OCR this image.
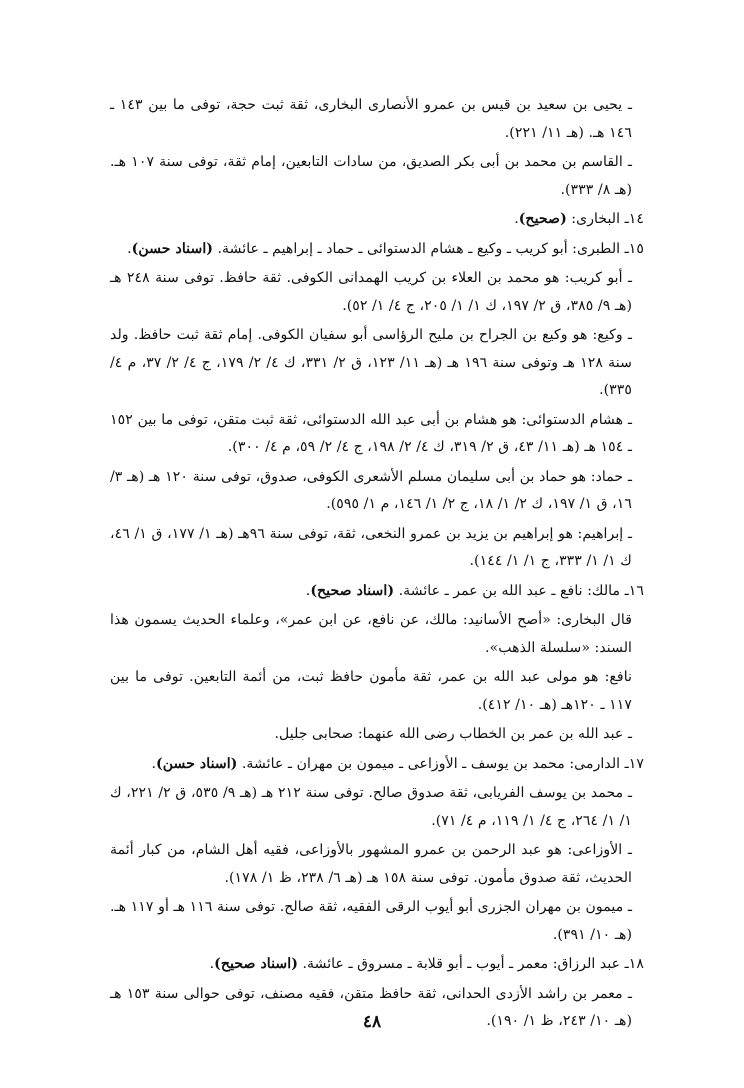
ـ يحيى بن سعيد بن قيس بن عمرو الأنصارى البخارى، ثقة ثبت حجة، توفى ما بين ١٤٣ ـ ١٤٦ هـ. (هـ ١١/ ٢٢١).

ـ القاسم بن محمد بن أبى بكر الصديق، من سادات التابعين، إمام ثقة، توفى سنة ١٠٧ هـ. (هـ ٨/ ٣٣٣).

١٤ـ البخارى: (صحيح).

١٥ـ الطبرى: أبو كريب ـ وكيع ـ هشام الدستوائى ـ حماد ـ إبراهيم ـ عائشة. (اسناد حسن).

ـ أبو كريب: هو محمد بن العلاء بن كريب الهمدانى الكوفى. ثقة حافظ. توفى سنة ٢٤٨ هـ (هـ ٩/ ٣٨٥، ق ٢/ ١٩٧، ك ١/ ١/ ٢٠٥، ج ٤/ ١/ ٥٢).

ـ وكيع: هو وكيع بن الجراح بن مليح الرؤاسى أبو سفيان الكوفى. إمام ثقة ثبت حافظ. ولد سنة ١٢٨ هـ وتوفى سنة ١٩٦ هـ (هـ ١١/ ١٢٣، ق ٢/ ٣٣١، ك ٤/ ٢/ ١٧٩، ج ٤/ ٢/ ٣٧، م ٤/ ٣٣٥).

ـ هشام الدستوائى: هو هشام بن أبى عبد الله الدستوائى، ثقة ثبت متقن، توفى ما بين ١٥٢ ـ ١٥٤ هـ (هـ ١١/ ٤٣، ق ٢/ ٣١٩، ك ٤/ ٢/ ١٩٨، ج ٤/ ٢/ ٥٩، م ٤/ ٣٠٠).

ـ حماد: هو حماد بن أبى سليمان مسلم الأشعرى الكوفى، صدوق، توفى سنة ١٢٠ هـ (هـ ٣/ ١٦، ق ١/ ١٩٧، ك ٢/ ١/ ١٨، ج ٢/ ١/ ١٤٦، م ١/ ٥٩٥).

ـ إبراهيم: هو إبراهيم بن يزيد بن عمرو النخعى، ثقة، توفى سنة ٩٦هـ (هـ ١/ ١٧٧، ق ١/ ٤٦، ك ١/ ١/ ٣٣٣، ج ١/ ١/ ١٤٤).

١٦ـ مالك: نافع ـ عبد الله بن عمر ـ عائشة. (اسناد صحيح).

قال البخارى: «أصح الأسانيد: مالك، عن نافع، عن ابن عمر»، وعلماء الحديث يسمون هذا السند: «سلسلة الذهب».

نافع: هو مولى عبد الله بن عمر، ثقة مأمون حافظ ثبت، من أئمة التابعين. توفى ما بين ١١٧ ـ ١٢٠هـ (هـ ١٠/ ٤١٢).

ـ عبد الله بن عمر بن الخطاب رضى الله عنهما: صحابى جليل.

١٧ـ الدارمى: محمد بن يوسف ـ الأوزاعى ـ ميمون بن مهران ـ عائشة. (اسناد حسن).

ـ محمد بن يوسف الفريابى، ثقة صدوق صالح. توفى سنة ٢١٢ هـ (هـ ٩/ ٥٣٥، ق ٢/ ٢٢١، ك ١/ ١/ ٢٦٤، ج ٤/ ١/ ١١٩، م ٤/ ٧١).

ـ الأوزاعى: هو عبد الرحمن بن عمرو المشهور بالأوزاعى، فقيه أهل الشام، من كبار أئمة الحديث، ثقة صدوق مأمون. توفى سنة ١٥٨ هـ (هـ ٦/ ٢٣٨، ظ ١/ ١٧٨).

ـ ميمون بن مهران الجزرى أبو أيوب الرقى الفقيه، ثقة صالح. توفى سنة ١١٦ هـ أو ١١٧ هـ. (هـ ١٠/ ٣٩١).

١٨ـ عبد الرزاق: معمر ـ أيوب ـ أبو قلابة ـ مسروق ـ عائشة. (اسناد صحيح).

ـ معمر بن راشد الأزدى الحدانى، ثقة حافظ متقن، فقيه مصنف، توفى حوالى سنة ١٥٣ هـ (هـ ١٠/ ٢٤٣، ظ ١/ ١٩٠).

٤٨
